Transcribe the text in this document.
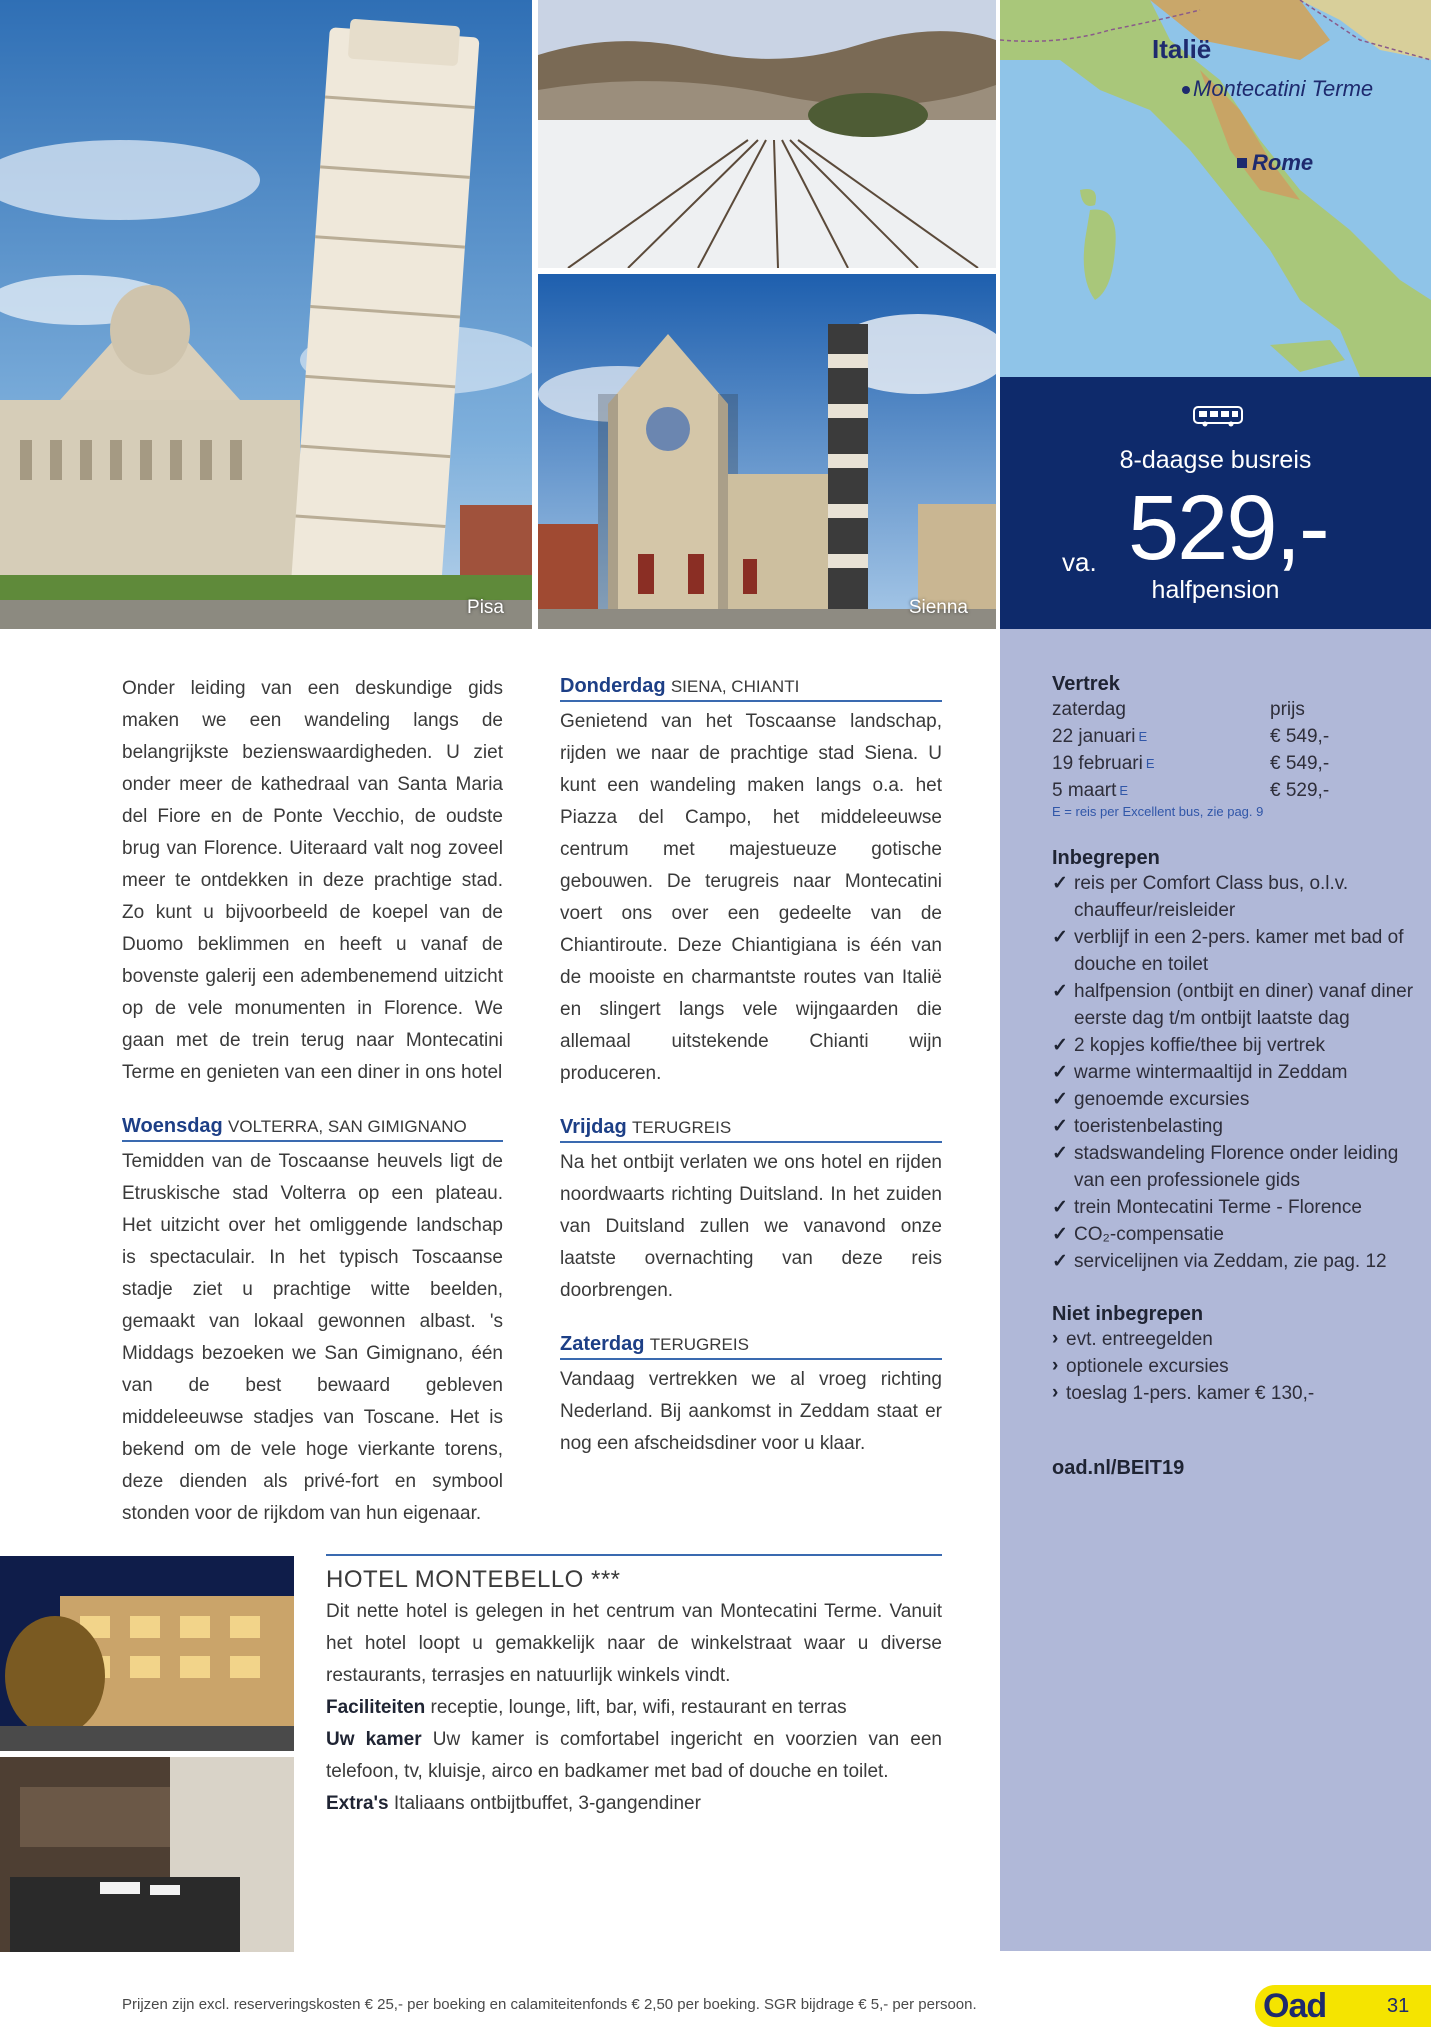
Pisa	Sienna
Italië
Montecatini Terme
Rome
8-daagse busreis
va. 529,-
halfpension
Vertrek
zaterdag	prijs
22 januari $^E$	€ 549,-
19 februari $^E$	€ 549,-
5 maart $^E$	€ 529,-
E = reis per Excellent bus, zie pag. 9
Inbegrepen
✓ reis per Comfort Class bus, o.l.v. chauffeur/reisleider
✓ verblijf in een 2-pers. kamer met bad of douche en toilet
✓ halfpension (ontbijt en diner) vanaf diner eerste dag t/m ontbijt laatste dag
✓ 2 kopjes koffie/thee bij vertrek
✓ warme wintermaaltijd in Zeddam
✓ genoemde excursies
✓ toeristenbelasting
✓ stadswandeling Florence onder leiding van een professionele gids
✓ trein Montecatini Terme - Florence
✓ CO₂-compensatie
✓ servicelijnen via Zeddam, zie pag. 12
Niet inbegrepen
› evt. entreegelden
› optionele excursies
› toeslag 1-pers. kamer € 130,-
oad.nl/BEIT19

Onder leiding van een deskundige gids maken we een wandeling langs de belangrijkste bezienswaardigheden. U ziet onder meer de kathedraal van Santa Maria del Fiore en de Ponte Vecchio, de oudste brug van Florence. Uiteraard valt nog zoveel meer te ontdekken in deze prachtige stad. Zo kunt u bijvoorbeeld de koepel van de Duomo beklimmen en heeft u vanaf de bovenste galerij een adembenemend uitzicht op de vele monumenten in Florence. We gaan met de trein terug naar Montecatini Terme en genieten van een diner in ons hotel

Woensdag VOLTERRA, SAN GIMIGNANO

Temidden van de Toscaanse heuvels ligt de Etruskische stad Volterra op een plateau. Het uitzicht over het omliggende landschap is spectaculair. In het typisch Toscaanse stadje ziet u prachtige witte beelden, gemaakt van lokaal gewonnen albast. 's Middags bezoeken we San Gimignano, één van de best bewaard gebleven middeleeuwse stadjes van Toscane. Het is bekend om de vele hoge vierkante torens, deze dienden als privé-fort en symbool stonden voor de rijkdom van hun eigenaar.

Donderdag SIENA, CHIANTI

Genietend van het Toscaanse landschap, rijden we naar de prachtige stad Siena. U kunt een wandeling maken langs o.a. het Piazza del Campo, het middeleeuwse centrum met majestueuze gotische gebouwen. De terugreis naar Montecatini voert ons over een gedeelte van de Chiantiroute. Deze Chiantigiana is één van de mooiste en charmantste routes van Italië en slingert langs vele wijngaarden die allemaal uitstekende Chianti wijn produceren.

Vrijdag TERUGREIS

Na het ontbijt verlaten we ons hotel en rijden noordwaarts richting Duitsland. In het zuiden van Duitsland zullen we vanavond onze laatste overnachting van deze reis doorbrengen.

Zaterdag TERUGREIS

Vandaag vertrekken we al vroeg richting Nederland. Bij aankomst in Zeddam staat er nog een afscheidsdiner voor u klaar.

HOTEL MONTEBELLO ***

Dit nette hotel is gelegen in het centrum van Montecatini Terme. Vanuit het hotel loopt u gemakkelijk naar de winkelstraat waar u diverse restaurants, terrasjes en natuurlijk winkels vindt.

Faciliteiten receptie, lounge, lift, bar, wifi, restaurant en terras

Uw kamer Uw kamer is comfortabel ingericht en voorzien van een telefoon, tv, kluisje, airco en badkamer met bad of douche en toilet.

Extra's Italiaans ontbijtbuffet, 3-gangendiner

Prijzen zijn excl. reserveringskosten € 25,- per boeking en calamiteitenfonds € 2,50 per boeking. SGR bijdrage € 5,- per persoon.	Oad	31
